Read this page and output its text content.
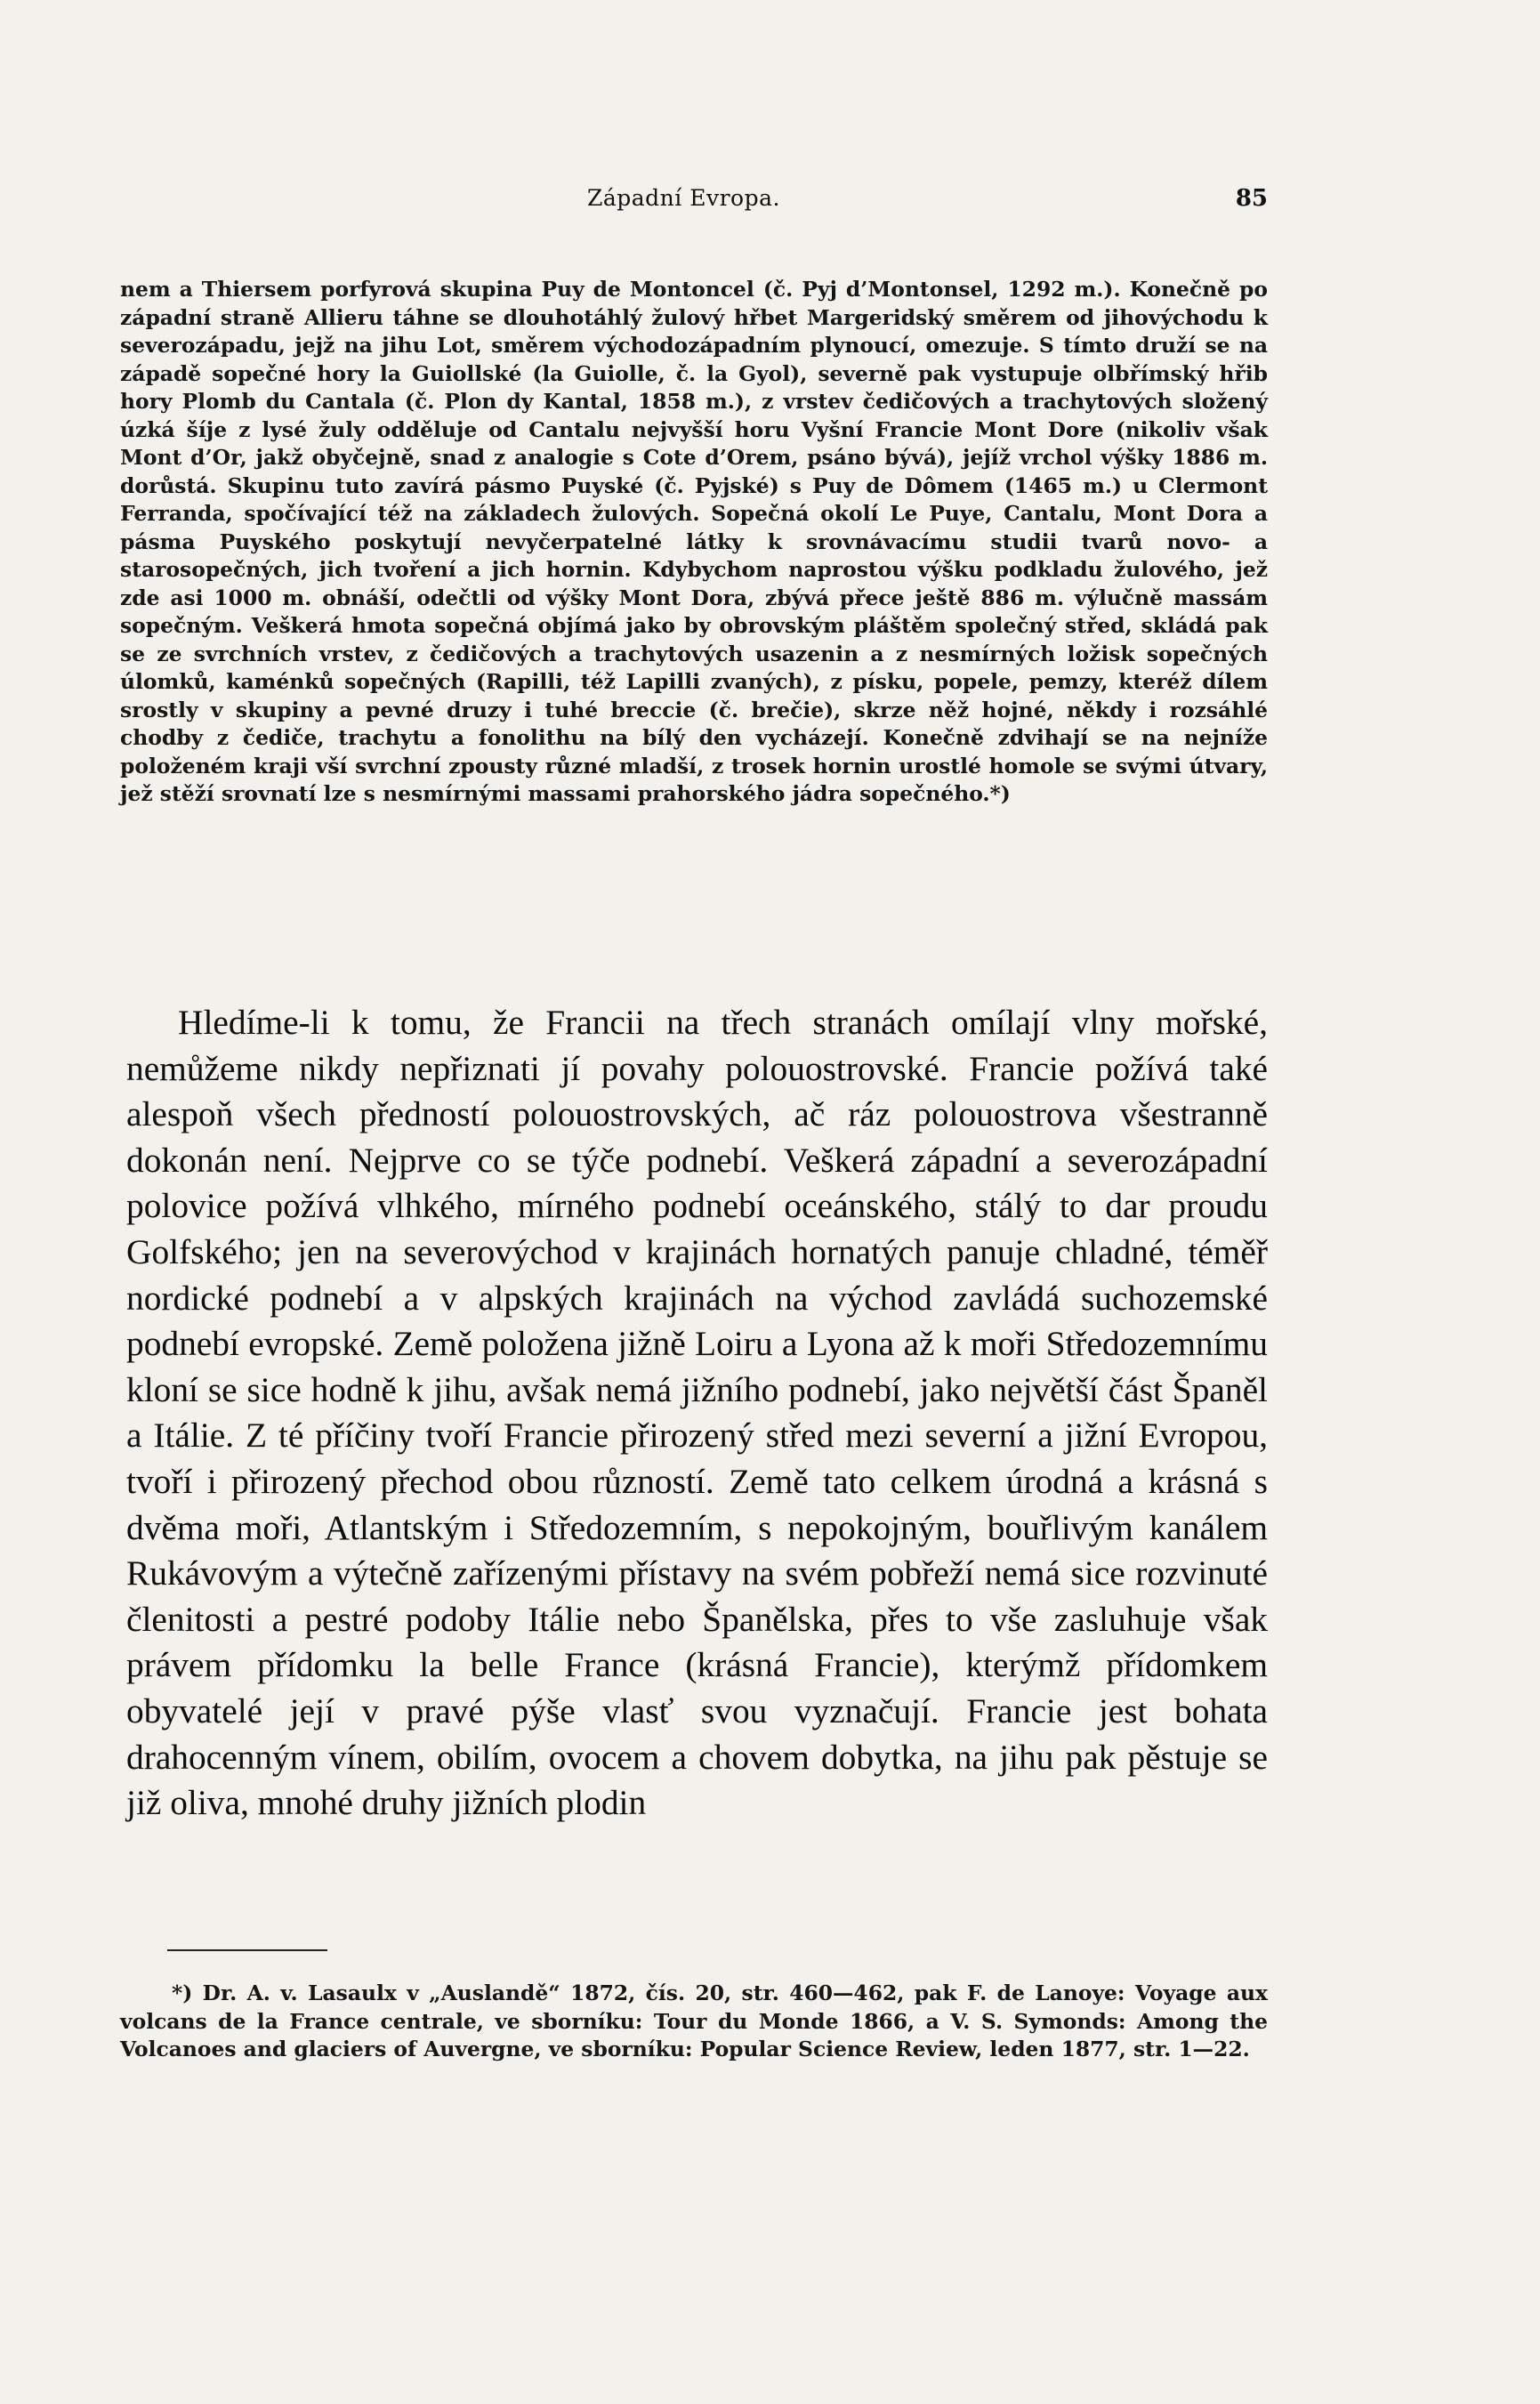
Západní Evropa.	85

nem a Thiersem porfyrová skupina Puy de Montoncel (č. Pyj d’Montonsel, 1292 m.). Konečně po západní straně Allieru táhne se dlouhotáhlý žulový hřbet Margeridský směrem od jihovýchodu k severozápadu, jejž na jihu Lot, směrem východozápadním plynoucí, omezuje. S tímto druží se na západě sopečné hory la Guiollské (la Guiolle, č. la Gyol), severně pak vystupuje olbřímský hřib hory Plomb du Cantala (č. Plon dy Kantal, 1858 m.), z vrstev čedičových a trachytových složený úzká šíje z lysé žuly odděluje od Cantalu nejvyšší horu Vyšní Francie Mont Dore (nikoliv však Mont d’Or, jakž obyčejně, snad z analogie s Cote d’Orem, psáno bývá), jejíž vrchol výšky 1886 m. dorůstá. Skupinu tuto zavírá pásmo Puyské (č. Pyjské) s Puy de Dômem (1465 m.) u Clermont Ferranda, spočívající též na základech žulových. Sopečná okolí Le Puye, Cantalu, Mont Dora a pásma Puyského poskytují nevyčerpatelné látky k srovnávacímu studii tvarů novo- a starosopečných, jich tvoření a jich hornin. Kdybychom naprostou výšku podkladu žulového, jež zde asi 1000 m. obnáší, odečtli od výšky Mont Dora, zbývá přece ještě 886 m. výlučně massám sopečným. Veškerá hmota sopečná objímá jako by obrovským pláštěm společný střed, skládá pak se ze svrchních vrstev, z čedičových a trachytových usazenin a z nesmírných ložisk sopečných úlomků, kaménků sopečných (Rapilli, též Lapilli zvaných), z písku, popele, pemzy, kteréž dílem srostly v skupiny a pevné druzy i tuhé breccie (č. brečie), skrze něž hojné, někdy i rozsáhlé chodby z čediče, trachytu a fonolithu na bílý den vycházejí. Konečně zdvihají se na nejníže položeném kraji vší svrchní zpousty různé mladší, z trosek hornin urostlé homole se svými útvary, jež stěží srovnatí lze s nesmírnými massami prahorského jádra sopečného.*)

Hledíme-li k tomu, že Francii na třech stranách omílají vlny mořské, nemůžeme nikdy nepřiznati jí povahy polouostrovské. Francie požívá také alespoň všech předností polouostrovských, ač ráz polouostrova všestranně dokonán není. Nejprve co se týče podnebí. Veškerá západní a severozápadní polovice požívá vlhkého, mírného podnebí oceánského, stálý to dar proudu Golfského; jen na severovýchod v krajinách hornatých panuje chladné, téměř nordické podnebí a v alpských krajinách na východ zavládá suchozemské podnebí evropské. Země položena jižně Loiru a Lyona až k moři Středozemnímu kloní se sice hodně k jihu, avšak nemá jižního podnebí, jako největší část Španěl a Itálie. Z té příčiny tvoří Francie přirozený střed mezi severní a jižní Evropou, tvoří i přirozený přechod obou růzností. Země tato celkem úrodná a krásná s dvěma moři, Atlantským i Středozemním, s nepokojným, bouřlivým kanálem Rukávovým a výtečně zařízenými přístavy na svém pobřeží nemá sice rozvinuté členitosti a pestré podoby Itálie nebo Španělska, přes to vše zasluhuje však právem přídomku la belle France (krásná Francie), kterýmž přídomkem obyvatelé její v pravé pýše vlasť svou vyznačují. Francie jest bohata drahocenným vínem, obilím, ovocem a chovem dobytka, na jihu pak pěstuje se již oliva, mnohé druhy jižních plodin

*) Dr. A. v. Lasaulx v „Auslandě“ 1872, čís. 20, str. 460—462, pak F. de Lanoye: Voyage aux volcans de la France centrale, ve sborníku: Tour du Monde 1866, a V. S. Symonds: Among the Volcanoes and glaciers of Auvergne, ve sborníku: Popular Science Review, leden 1877, str. 1—22.
